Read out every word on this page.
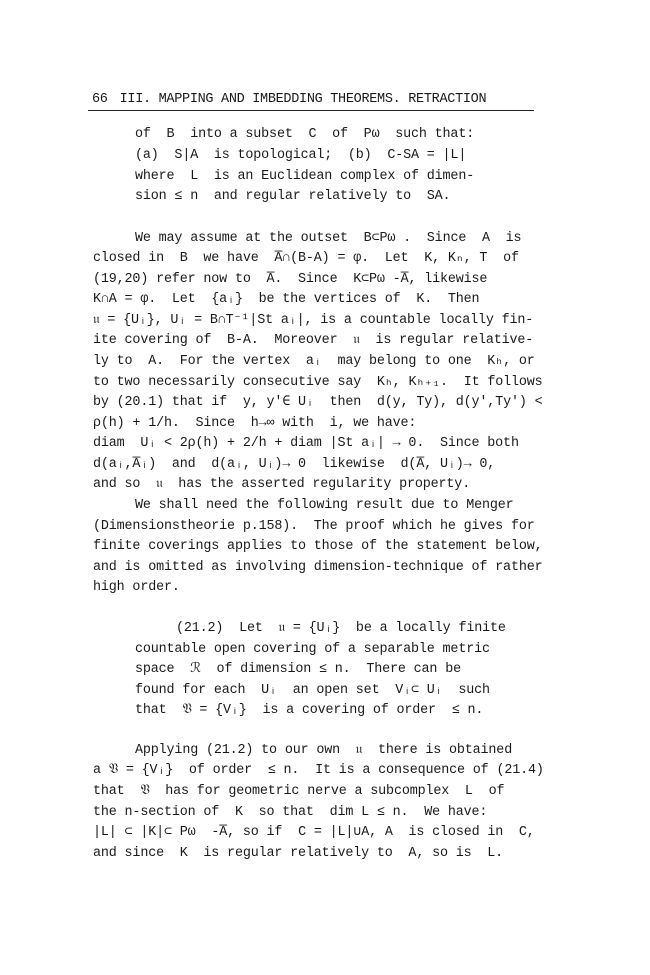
66 III. MAPPING AND IMBEDDING THEOREMS. RETRACTION
of  B  into a subset  C  of  Pω  such that:
(a)  S|A  is topological;  (b)  C-SA = |L|
where  L  is an Euclidean complex of dimen-
sion ≤ n  and regular relatively to  SA.
We may assume at the outset  B⊂Pω .  Since  A  is
closed in  B  we have  A̅∩(B-A) = φ.  Let  K, Kₙ, T  of
(19,20) refer now to  A̅.  Since  K⊂Pω -A̅, likewise
K∩A = φ.  Let  {aᵢ}  be the vertices of  K.  Then
𝔲 = {Uᵢ}, Uᵢ = B∩T⁻¹|St aᵢ|, is a countable locally fin-
ite covering of  B-A.  Moreover  𝔲  is regular relative-
ly to  A.  For the vertex  aᵢ  may belong to one  Kₕ, or
to two necessarily consecutive say  Kₕ, Kₕ₊₁.  It follows
by (20.1) that if  y, y'∈ Uᵢ  then  d(y, Ty), d(y',Ty') <
ρ(h) + 1/h.  Since  h→∞ with  i, we have:
diam  Uᵢ < 2ρ(h) + 2/h + diam |St aᵢ| → 0.  Since both
d(aᵢ,A̅ᵢ)  and  d(aᵢ, Uᵢ)→ 0  likewise  d(A̅, Uᵢ)→ 0,
and so  𝔲  has the asserted regularity property.
We shall need the following result due to Menger
(Dimensionstheorie p.158).  The proof which he gives for
finite coverings applies to those of the statement below,
and is omitted as involving dimension-technique of rather
high order.
(21.2)  Let  𝔲 = {Uᵢ}  be a locally finite
countable open covering of a separable metric
space  ℛ  of dimension ≤ n.  There can be
found for each  Uᵢ  an open set  Vᵢ⊂ Uᵢ  such
that  𝔙 = {Vᵢ}  is a covering of order  ≤ n.
Applying (21.2) to our own  𝔲  there is obtained
a 𝔙 = {Vᵢ}  of order  ≤ n.  It is a consequence of (21.4)
that  𝔙  has for geometric nerve a subcomplex  L  of
the n-section of  K  so that  dim L ≤ n.  We have:
|L| ⊂ |K|⊂ Pω  -A̅, so if  C = |L|∪A, A  is closed in  C,
and since  K  is regular relatively to  A, so is  L.
